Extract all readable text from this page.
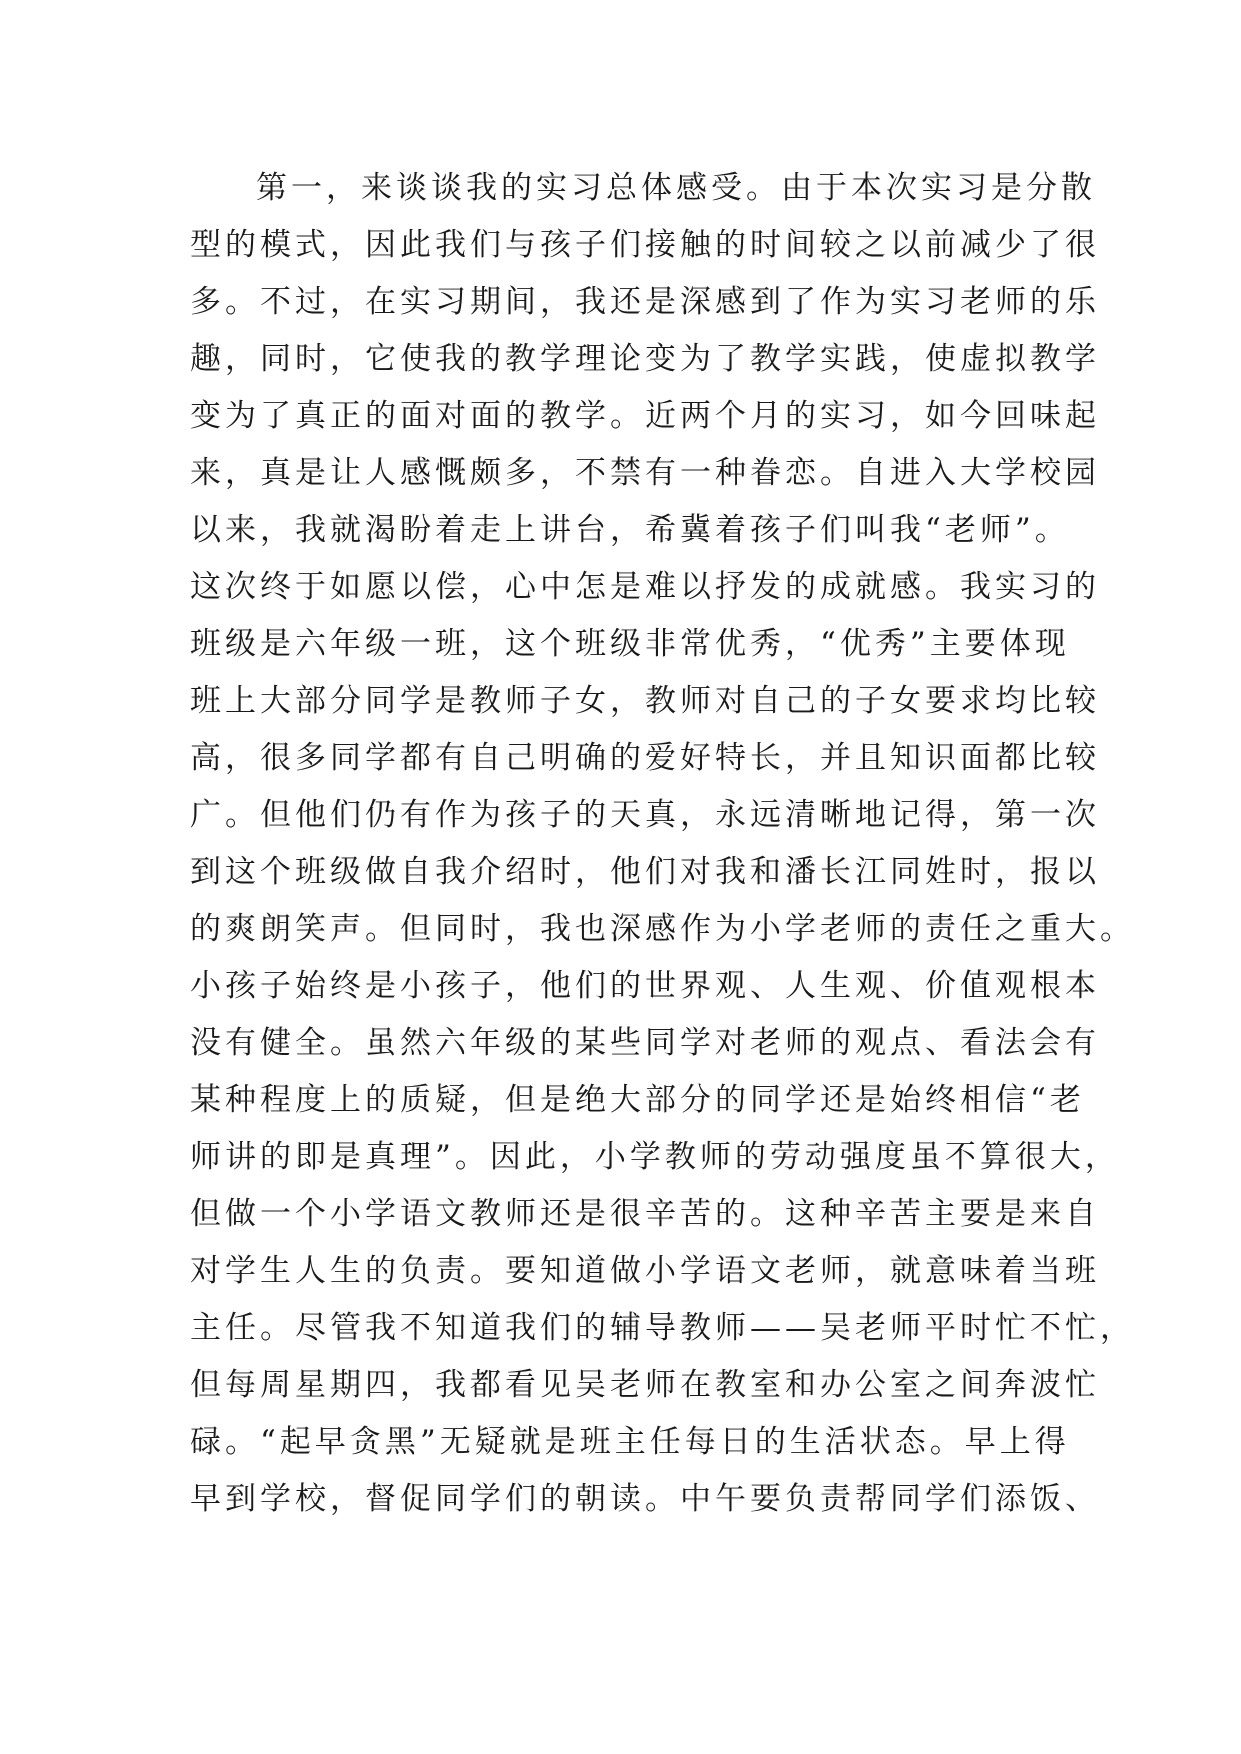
第一，来谈谈我的实习总体感受。由于本次实习是分散
型的模式，因此我们与孩子们接触的时间较之以前减少了很
多。不过，在实习期间，我还是深感到了作为实习老师的乐
趣，同时，它使我的教学理论变为了教学实践，使虚拟教学
变为了真正的面对面的教学。近两个月的实习，如今回味起
来，真是让人感慨颇多，不禁有一种眷恋。自进入大学校园
以来，我就渴盼着走上讲台，希冀着孩子们叫我“老师”。
这次终于如愿以偿，心中怎是难以抒发的成就感。我实习的
班级是六年级一班，这个班级非常优秀，“优秀”主要体现
班上大部分同学是教师子女，教师对自己的子女要求均比较
高，很多同学都有自己明确的爱好特长，并且知识面都比较
广。但他们仍有作为孩子的天真，永远清晰地记得，第一次
到这个班级做自我介绍时，他们对我和潘长江同姓时，报以
的爽朗笑声。但同时，我也深感作为小学老师的责任之重大。
小孩子始终是小孩子，他们的世界观、人生观、价值观根本
没有健全。虽然六年级的某些同学对老师的观点、看法会有
某种程度上的质疑，但是绝大部分的同学还是始终相信“老
师讲的即是真理”。因此，小学教师的劳动强度虽不算很大，
但做一个小学语文教师还是很辛苦的。这种辛苦主要是来自
对学生人生的负责。要知道做小学语文老师，就意味着当班
主任。尽管我不知道我们的辅导教师——吴老师平时忙不忙，
但每周星期四，我都看见吴老师在教室和办公室之间奔波忙
碌。“起早贪黑”无疑就是班主任每日的生活状态。早上得
早到学校，督促同学们的朝读。中午要负责帮同学们添饭、
